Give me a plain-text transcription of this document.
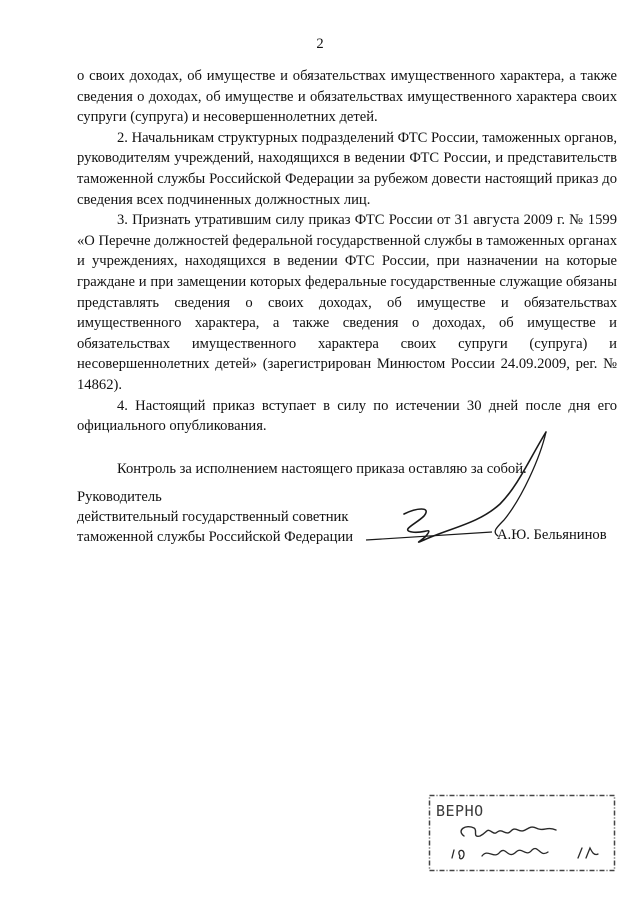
2

о своих доходах, об имуществе и обязательствах имущественного характера, а также сведения о доходах, об имуществе и обязательствах имущественного характера своих супруги (супруга) и несовершеннолетних детей.

2. Начальникам структурных подразделений ФТС России, таможенных органов, руководителям учреждений, находящихся в ведении ФТС России, и представительств таможенной службы Российской Федерации за рубежом довести настоящий приказ до сведения всех подчиненных должностных лиц.

3. Признать утратившим силу приказ ФТС России от 31 августа 2009 г. № 1599 «О Перечне должностей федеральной государственной службы в таможенных органах и учреждениях, находящихся в ведении ФТС России, при назначении на которые граждане и при замещении которых федеральные государственные служащие обязаны представлять сведения о своих доходах, об имуществе и обязательствах имущественного характера, а также сведения о доходах, об имуществе и обязательствах имущественного характера своих супруги (супруга) и несовершеннолетних детей» (зарегистрирован Минюстом России 24.09.2009, рег. № 14862).

4. Настоящий приказ вступает в силу по истечении 30 дней после дня его официального опубликования.

Контроль за исполнением настоящего приказа оставляю за собой.

Руководитель
действительный государственный советник
таможенной службы Российской Федерации	А.Ю. Бельянинов
ВЕРНО
